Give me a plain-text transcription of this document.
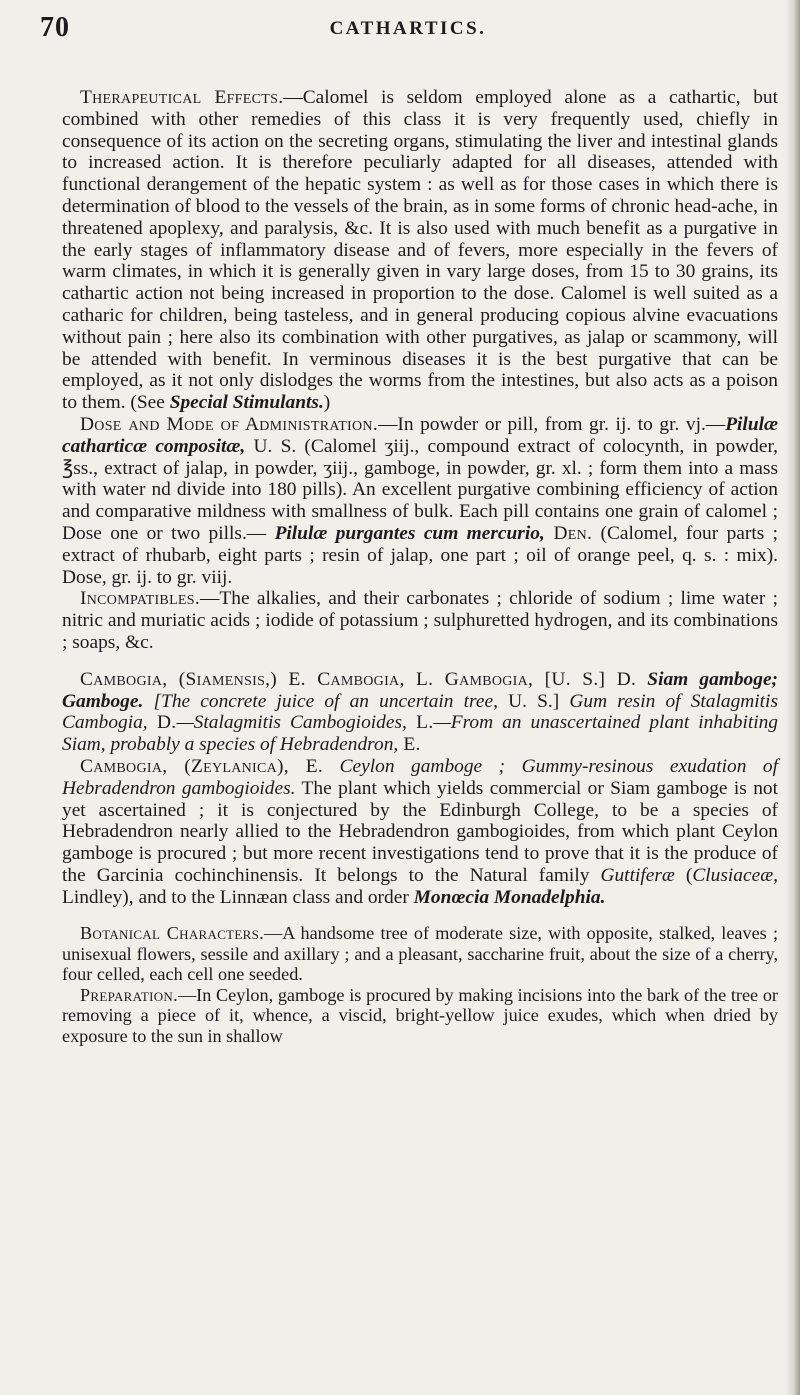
70	CATHARTICS.

Therapeutical Effects.—Calomel is seldom employed alone as a cathartic, but combined with other remedies of this class it is very frequently used, chiefly in consequence of its action on the secreting organs, stimulating the liver and intestinal glands to increased action. It is therefore peculiarly adapted for all diseases, attended with functional derangement of the hepatic system : as well as for those cases in which there is determination of blood to the vessels of the brain, as in some forms of chronic head-ache, in threatened apoplexy, and paralysis, &c. It is also used with much benefit as a purgative in the early stages of inflammatory disease and of fevers, more especially in the fevers of warm climates, in which it is generally given in vary large doses, from 15 to 30 grains, its cathartic action not being increased in proportion to the dose. Calomel is well suited as a catharic for children, being tasteless, and in general producing copious alvine evacuations without pain ; here also its combination with other purgatives, as jalap or scammony, will be attended with benefit. In verminous diseases it is the best purgative that can be employed, as it not only dislodges the worms from the intestines, but also acts as a poison to them. (See Special Stimulants.)

Dose and Mode of Administration.—In powder or pill, from gr. ij. to gr. vj.—Pilulæ catharticæ compositæ, U. S. (Calomel ʒiij., compound extract of colocynth, in powder, ℥ss., extract of jalap, in powder, ʒiij., gamboge, in powder, gr. xl. ; form them into a mass with water nd divide into 180 pills). An excellent purgative combining efficiency of action and comparative mildness with smallness of bulk. Each pill contains one grain of calomel ; Dose one or two pills.— Pilulæ purgantes cum mercurio, Den. (Calomel, four parts ; extract of rhubarb, eight parts ; resin of jalap, one part ; oil of orange peel, q. s. : mix). Dose, gr. ij. to gr. viij.

Incompatibles.—The alkalies, and their carbonates ; chloride of sodium ; lime water ; nitric and muriatic acids ; iodide of potassium ; sulphuretted hydrogen, and its combinations ; soaps, &c.

Cambogia, (Siamensis,) E. Cambogia, L. Gambogia, [U. S.] D. Siam gamboge; Gamboge. [The concrete juice of an uncertain tree, U. S.] Gum resin of Stalagmitis Cambogia, D.—Stalagmitis Cambogioides, L.—From an unascertained plant inhabiting Siam, probably a species of Hebradendron, E.

Cambogia, (Zeylanica), E. Ceylon gamboge ; Gummy-resinous exudation of Hebradendron gambogioides. The plant which yields commercial or Siam gamboge is not yet ascertained ; it is conjectured by the Edinburgh College, to be a species of Hebradendron nearly allied to the Hebradendron gambogioides, from which plant Ceylon gamboge is procured ; but more recent investigations tend to prove that it is the produce of the Garcinia cochinchinensis. It belongs to the Natural family Guttiferæ (Clusiaceæ, Lindley), and to the Linnæan class and order Monœcia Monadelphia.

Botanical Characters.—A handsome tree of moderate size, with opposite, stalked, leaves ; unisexual flowers, sessile and axillary ; and a pleasant, saccharine fruit, about the size of a cherry, four celled, each cell one seeded.

Preparation.—In Ceylon, gamboge is procured by making incisions into the bark of the tree or removing a piece of it, whence, a viscid, bright-yellow juice exudes, which when dried by exposure to the sun in shallow
